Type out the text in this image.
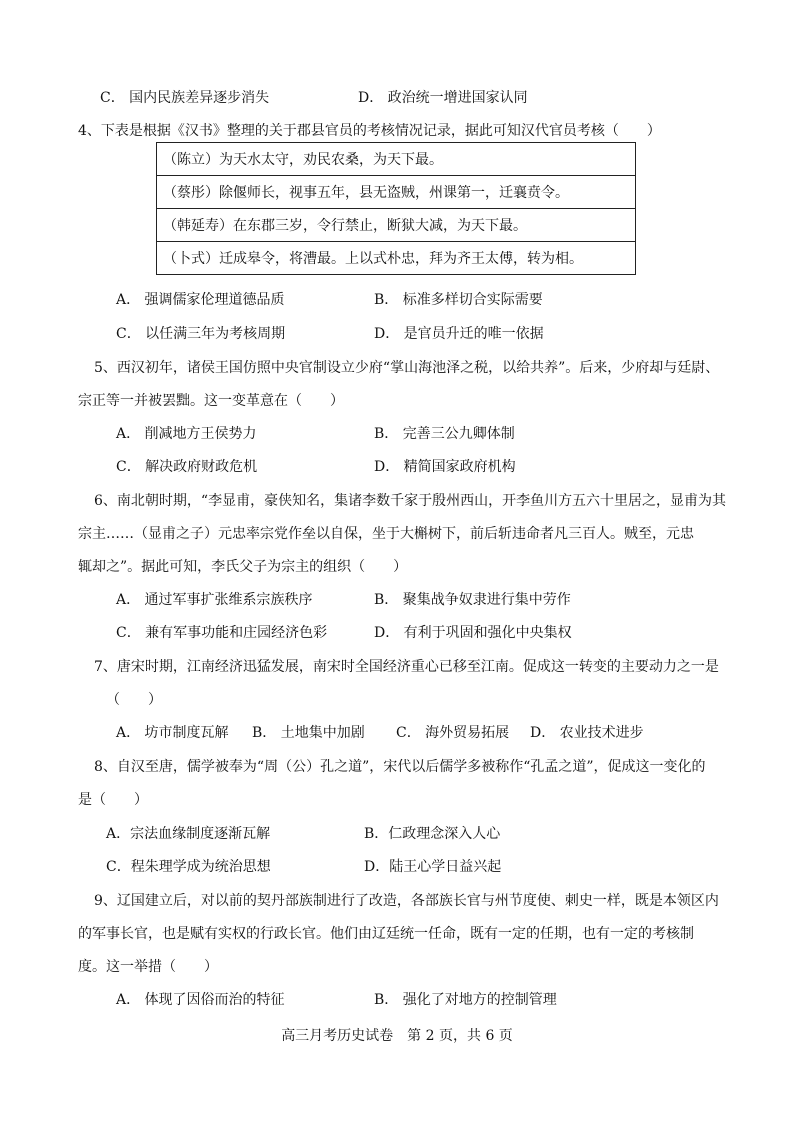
C． 国内民族差异逐步消失	D． 政治统一增进国家认同
4、下表是根据《汉书》整理的关于郡县官员的考核情况记录，据此可知汉代官员考核（　　）
（陈立）为天水太守，劝民农桑，为天下最。
（蔡彤）除偃师长，视事五年，县无盗贼，州课第一，迁襄贲令。
（韩延寿）在东郡三岁，令行禁止，断狱大减，为天下最。
（卜式）迁成皋令，将漕最。上以式朴忠，拜为齐王太傅，转为相。
A． 强调儒家伦理道德品质	B． 标准多样切合实际需要
C． 以任满三年为考核周期	D． 是官员升迁的唯一依据
5、西汉初年，诸侯王国仿照中央官制设立少府“掌山海池泽之税，以给共养”。后来，少府却与廷尉、
宗正等一并被罢黜。这一变革意在（　　）
A． 削减地方王侯势力	B． 完善三公九卿体制
C． 解决政府财政危机	D． 精简国家政府机构
6、南北朝时期，“李显甫，豪侠知名，集诸李数千家于殷州西山，开李鱼川方五六十里居之，显甫为其
宗主……（显甫之子）元忠率宗党作垒以自保，坐于大槲树下，前后斩违命者凡三百人。贼至，元忠
辄却之”。据此可知，李氏父子为宗主的组织（　　）
A． 通过军事扩张维系宗族秩序	B． 聚集战争奴隶进行集中劳作
C． 兼有军事功能和庄园经济色彩	D． 有利于巩固和强化中央集权
7、唐宋时期，江南经济迅猛发展，南宋时全国经济重心已移至江南。促成这一转变的主要动力之一是
（　　）
A． 坊市制度瓦解 B． 土地集中加剧 C． 海外贸易拓展 D． 农业技术进步
8、自汉至唐，儒学被奉为“周（公）孔之道”，宋代以后儒学多被称作“孔孟之道”，促成这一变化的
是（　　）
A．宗法血缘制度逐渐瓦解	B．仁政理念深入人心
C．程朱理学成为统治思想	D．陆王心学日益兴起
9、辽国建立后，对以前的契丹部族制进行了改造，各部族长官与州节度使、刺史一样，既是本领区内
的军事长官，也是赋有实权的行政长官。他们由辽廷统一任命，既有一定的任期，也有一定的考核制
度。这一举措（　　）
A． 体现了因俗而治的特征	B． 强化了对地方的控制管理
高三月考历史试卷　第 2 页，共 6 页
